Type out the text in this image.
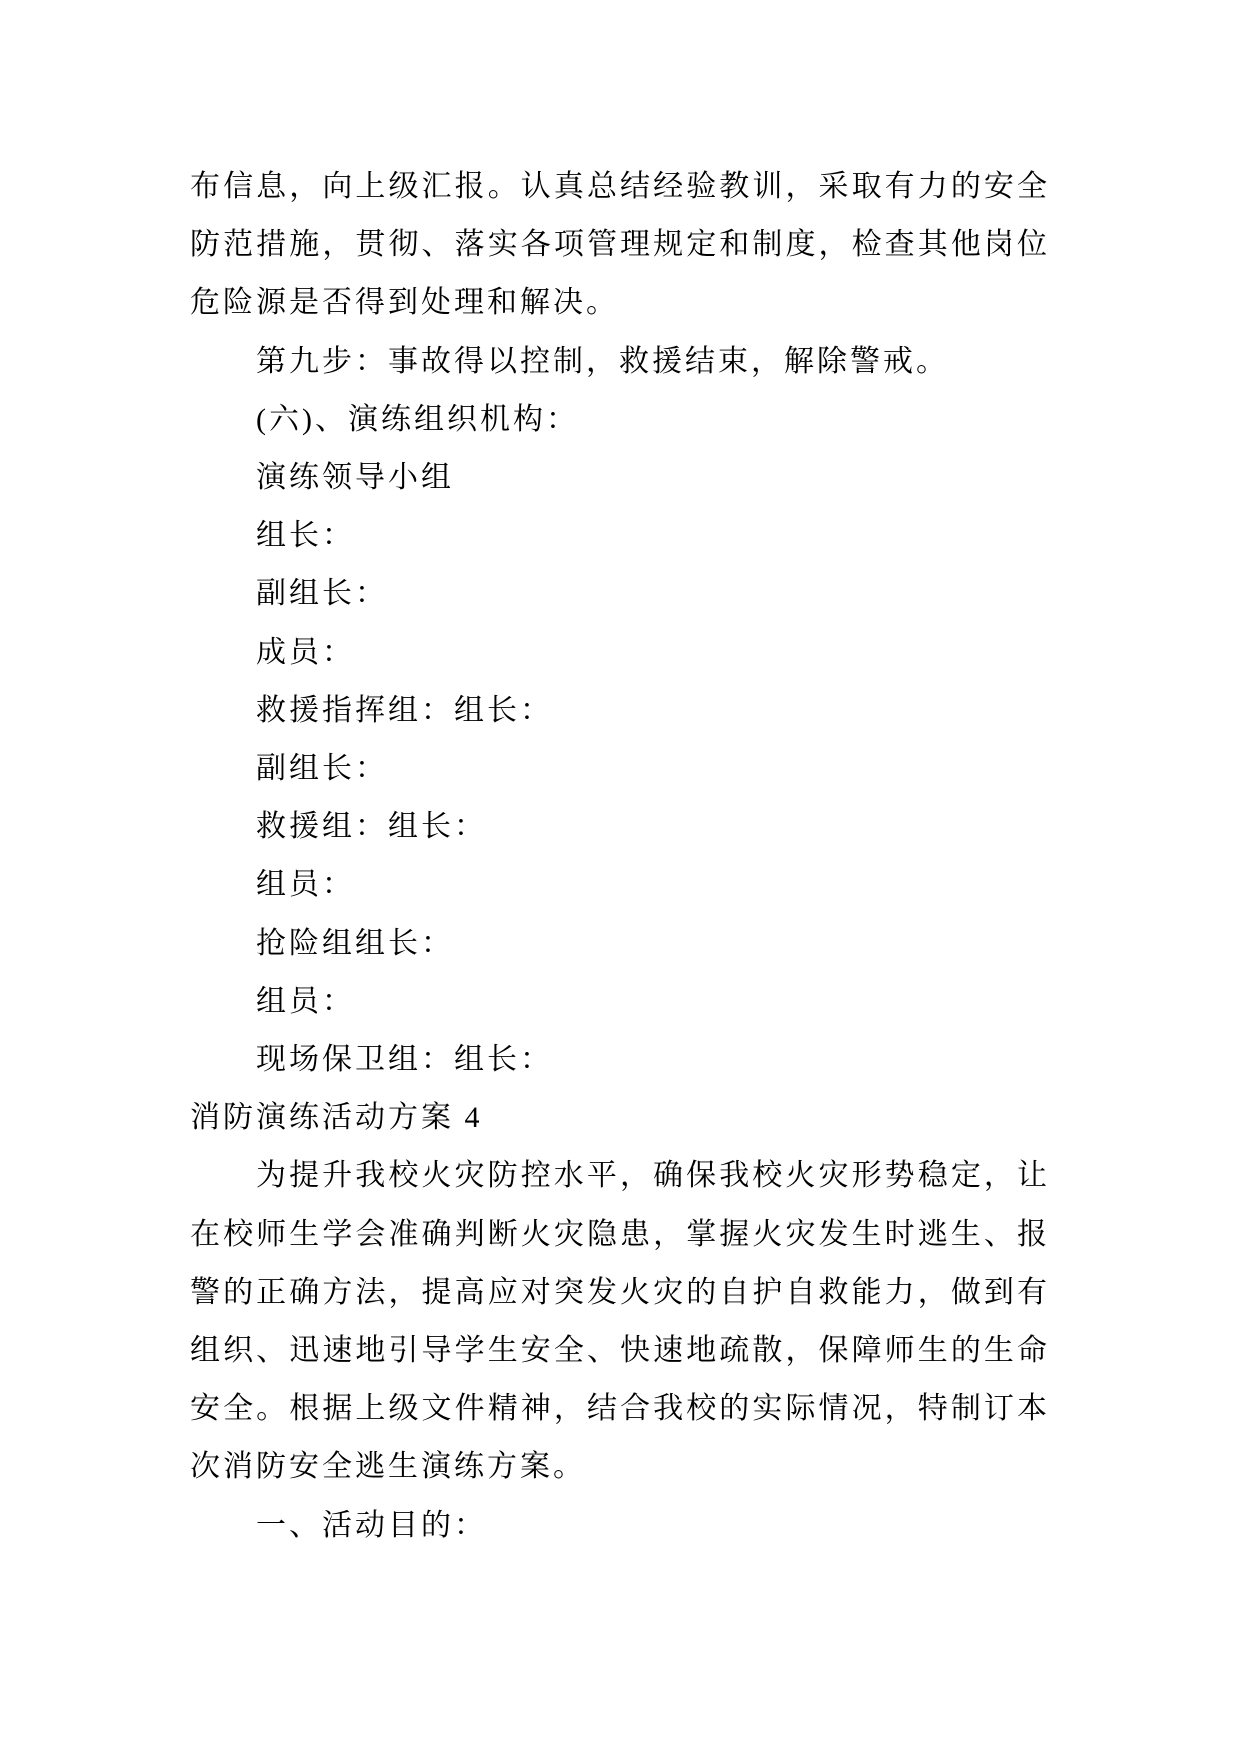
布信息，向上级汇报。认真总结经验教训，采取有力的安全防范措施，贯彻、落实各项管理规定和制度，检查其他岗位危险源是否得到处理和解决。

第九步：事故得以控制，救援结束，解除警戒。

(六)、演练组织机构：

演练领导小组

组长：

副组长：

成员：

救援指挥组：组长：

副组长：

救援组：组长：

组员：

抢险组组长：

组员：

现场保卫组：组长：

消防演练活动方案 4

为提升我校火灾防控水平，确保我校火灾形势稳定，让在校师生学会准确判断火灾隐患，掌握火灾发生时逃生、报警的正确方法，提高应对突发火灾的自护自救能力，做到有组织、迅速地引导学生安全、快速地疏散，保障师生的生命安全。根据上级文件精神，结合我校的实际情况，特制订本次消防安全逃生演练方案。

一、活动目的：
